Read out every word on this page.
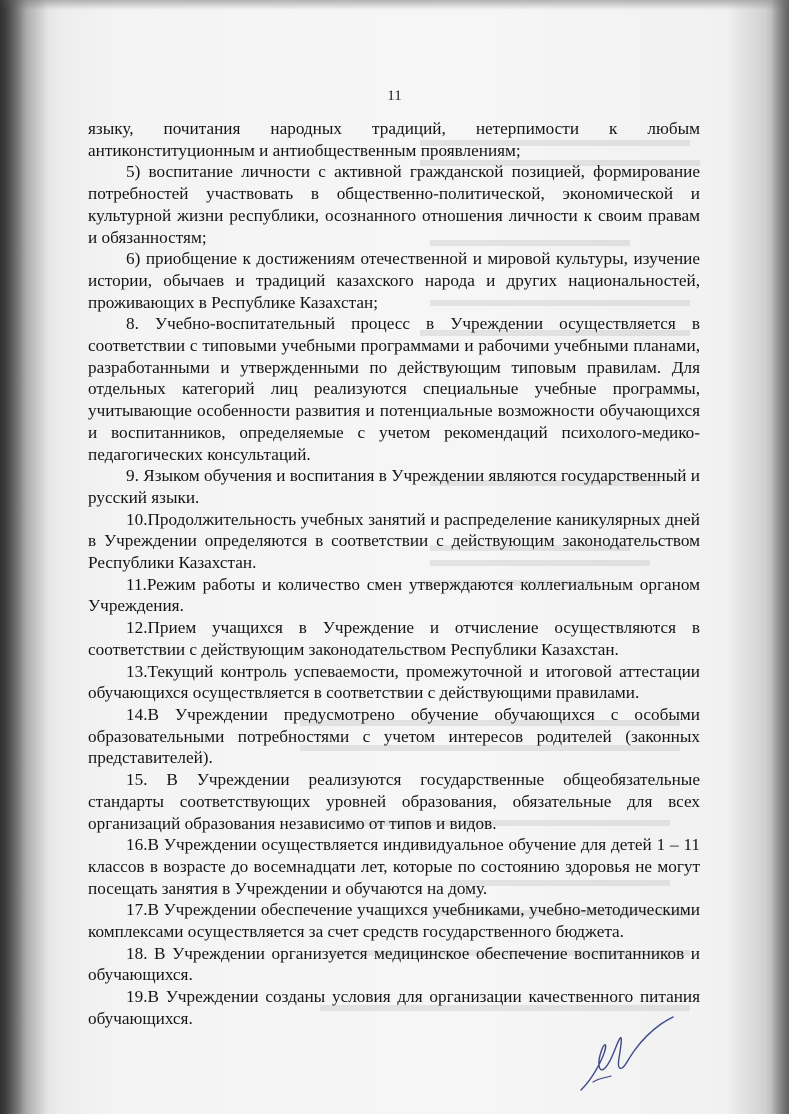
11

языку, почитания народных традиций, нетерпимости к любым антиконституционным и антиобщественным проявлениям;

5) воспитание личности с активной гражданской позицией, формирование потребностей участвовать в общественно-политической, экономической и культурной жизни республики, осознанного отношения личности к своим правам и обязанностям;

6) приобщение к достижениям отечественной и мировой культуры, изучение истории, обычаев и традиций казахского народа и других национальностей, проживающих в Республике Казахстан;

8. Учебно-воспитательный процесс в Учреждении осуществляется в соответствии с типовыми учебными программами и рабочими учебными планами, разработанными и утвержденными по действующим типовым правилам. Для отдельных категорий лиц реализуются специальные учебные программы, учитывающие особенности развития и потенциальные возможности обучающихся и воспитанников, определяемые с учетом рекомендаций психолого-медико-педагогических консультаций.

9. Языком обучения и воспитания в Учреждении являются государственный и русский языки.

10.Продолжительность учебных занятий и распределение каникулярных дней в Учреждении определяются в соответствии с действующим законодательством Республики Казахстан.

11.Режим работы и количество смен утверждаются коллегиальным органом Учреждения.

12.Прием учащихся в Учреждение и отчисление осуществляются в соответствии с действующим законодательством Республики Казахстан.

13.Текущий контроль успеваемости, промежуточной и итоговой аттестации обучающихся осуществляется в соответствии с действующими правилами.

14.В Учреждении предусмотрено обучение обучающихся с особыми образовательными потребностями с учетом интересов родителей (законных представителей).

15. В Учреждении реализуются государственные общеобязательные стандарты соответствующих уровней образования, обязательные для всех организаций образования независимо от типов и видов.

16.В Учреждении осуществляется индивидуальное обучение для детей 1 – 11 классов в возрасте до восемнадцати лет, которые по состоянию здоровья не могут посещать занятия в Учреждении и обучаются на дому.

17.В Учреждении обеспечение учащихся учебниками, учебно-методическими комплексами осуществляется за счет средств государственного бюджета.

18. В Учреждении организуется медицинское обеспечение воспитанников и обучающихся.

19.В Учреждении созданы условия для организации качественного питания обучающихся.
